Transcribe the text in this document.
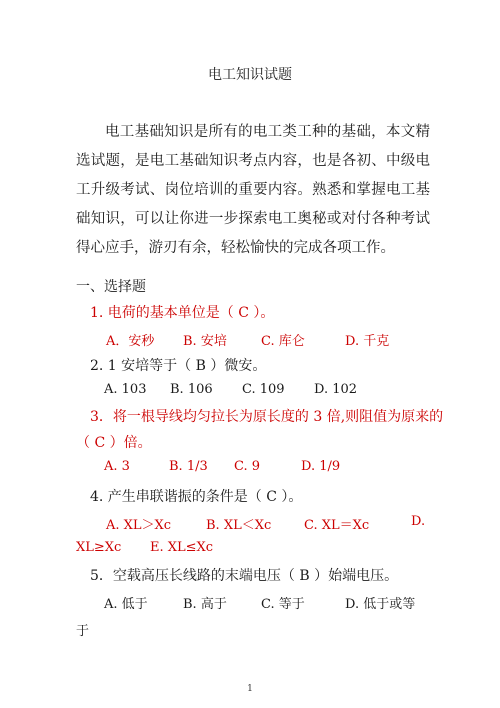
电工知识试题
电工基础知识是所有的电工类工种的基础，本文精选试题，是电工基础知识考点内容，也是各初、中级电工升级考试、岗位培训的重要内容。熟悉和掌握电工基础知识，可以让你进一步探索电工奥秘或对付各种考试得心应手，游刃有余，轻松愉快的完成各项工作。
一、选择题
1. 电荷的基本单位是（ C ）。
A．安秒 B. 安培	C. 库仑	D. 千克
2. 1 安培等于（ B ）微安。
A. 103 B. 106 C. 109 D. 102
3．将一根导线均匀拉长为原长度的 3 倍,则阻值为原来的
（ C ）倍。
A. 3	B. 1/3 C. 9	D. 1/9
4. 产生串联谐振的条件是（ C ）。
A. XL＞Xc	B. XL＜Xc	C. XL＝Xc	D.
XL≥Xc E. XL≤Xc
5．空载高压长线路的末端电压（ B ）始端电压。
A. 低于	B. 高于	C. 等于	D. 低于或等
于
1
